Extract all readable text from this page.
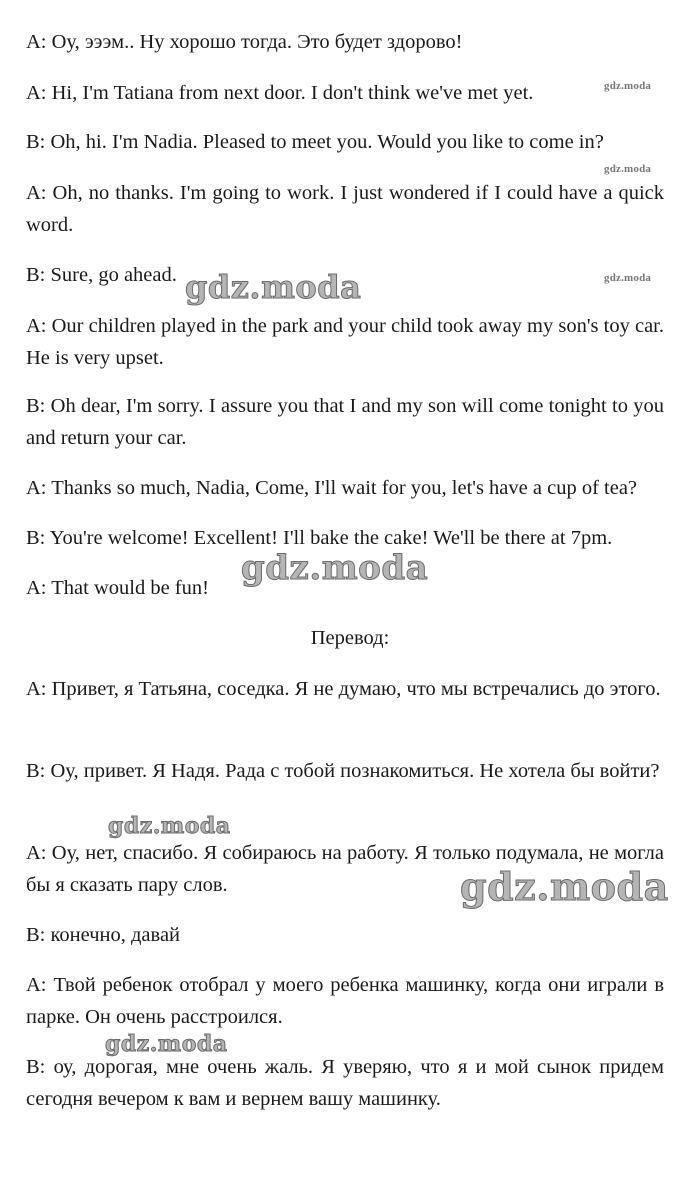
A: Оу, эээм.. Ну хорошо тогда. Это будет здорово!

A: Hi, I'm Tatiana from next door. I don't think we've met yet.

B: Oh, hi. I'm Nadia. Pleased to meet you. Would you like to come in?

A: Oh, no thanks. I'm going to work. I just wondered if I could have a quick word.

B: Sure, go ahead.

A: Our children played in the park and your child took away my son's toy car. He is very upset.

B: Oh dear, I'm sorry. I assure you that I and my son will come tonight to you and return your car.

A: Thanks so much, Nadia, Come, I'll wait for you, let's have a cup of tea?

B: You're welcome! Excellent! I'll bake the cake! We'll be there at 7pm.

A: That would be fun!

Перевод:

A: Привет, я Татьяна, соседка. Я не думаю, что мы встречались до этого.

B: Оу, привет. Я Надя. Рада с тобой познакомиться. Не хотела бы войти?

A: Оу, нет, спасибо. Я собираюсь на работу. Я только подумала, не могла бы я сказать пару слов.

B: конечно, давай

A: Твой ребенок отобрал у моего ребенка машинку, когда они играли в парке. Он очень расстроился.

B: оу, дорогая, мне очень жаль. Я уверяю, что я и мой сынок придем сегодня вечером к вам и вернем вашу машинку.

gdz.moda
gdz.moda
gdz.moda
gdz.moda
gdz.moda
gdz.moda
gdz.moda
gdz.moda
